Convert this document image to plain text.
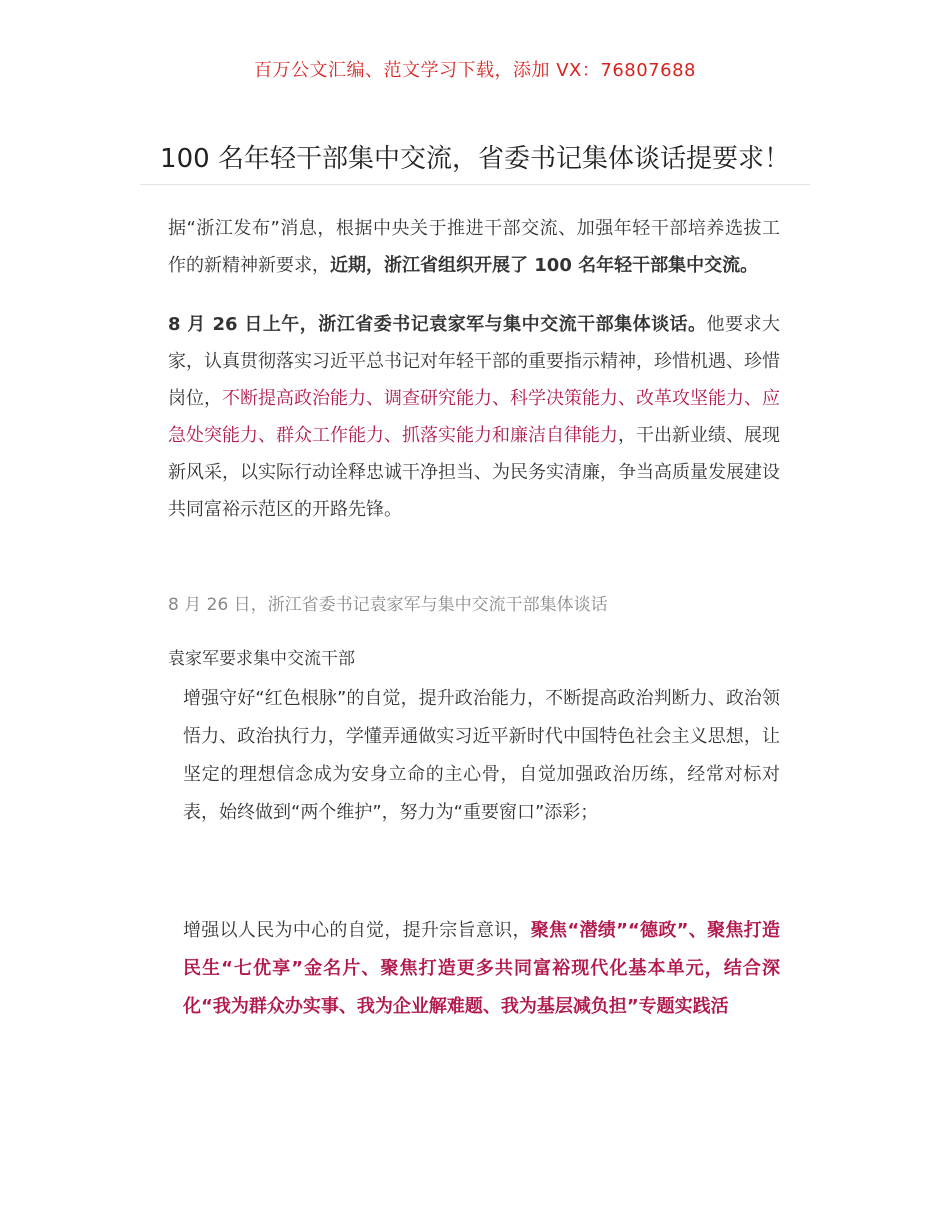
百万公文汇编、范文学习下载，添加 VX：76807688
100 名年轻干部集中交流，省委书记集体谈话提要求！

据“浙江发布”消息，根据中央关于推进干部交流、加强年轻干部培养选拔工作的新精神新要求，近期，浙江省组织开展了 100 名年轻干部集中交流。

8 月 26 日上午，浙江省委书记袁家军与集中交流干部集体谈话。他要求大家，认真贯彻落实习近平总书记对年轻干部的重要指示精神，珍惜机遇、珍惜岗位，不断提高政治能力、调查研究能力、科学决策能力、改革攻坚能力、应急处突能力、群众工作能力、抓落实能力和廉洁自律能力，干出新业绩、展现新风采，以实际行动诠释忠诚干净担当、为民务实清廉，争当高质量发展建设共同富裕示范区的开路先锋。

8 月 26 日，浙江省委书记袁家军与集中交流干部集体谈话

袁家军要求集中交流干部

增强守好“红色根脉”的自觉，提升政治能力，不断提高政治判断力、政治领悟力、政治执行力，学懂弄通做实习近平新时代中国特色社会主义思想，让坚定的理想信念成为安身立命的主心骨，自觉加强政治历练，经常对标对表，始终做到“两个维护”，努力为“重要窗口”添彩；

增强以人民为中心的自觉，提升宗旨意识，聚焦“潜绩”“德政”、聚焦打造民生“七优享”金名片、聚焦打造更多共同富裕现代化基本单元，结合深化“我为群众办实事、我为企业解难题、我为基层减负担”专题实践活
